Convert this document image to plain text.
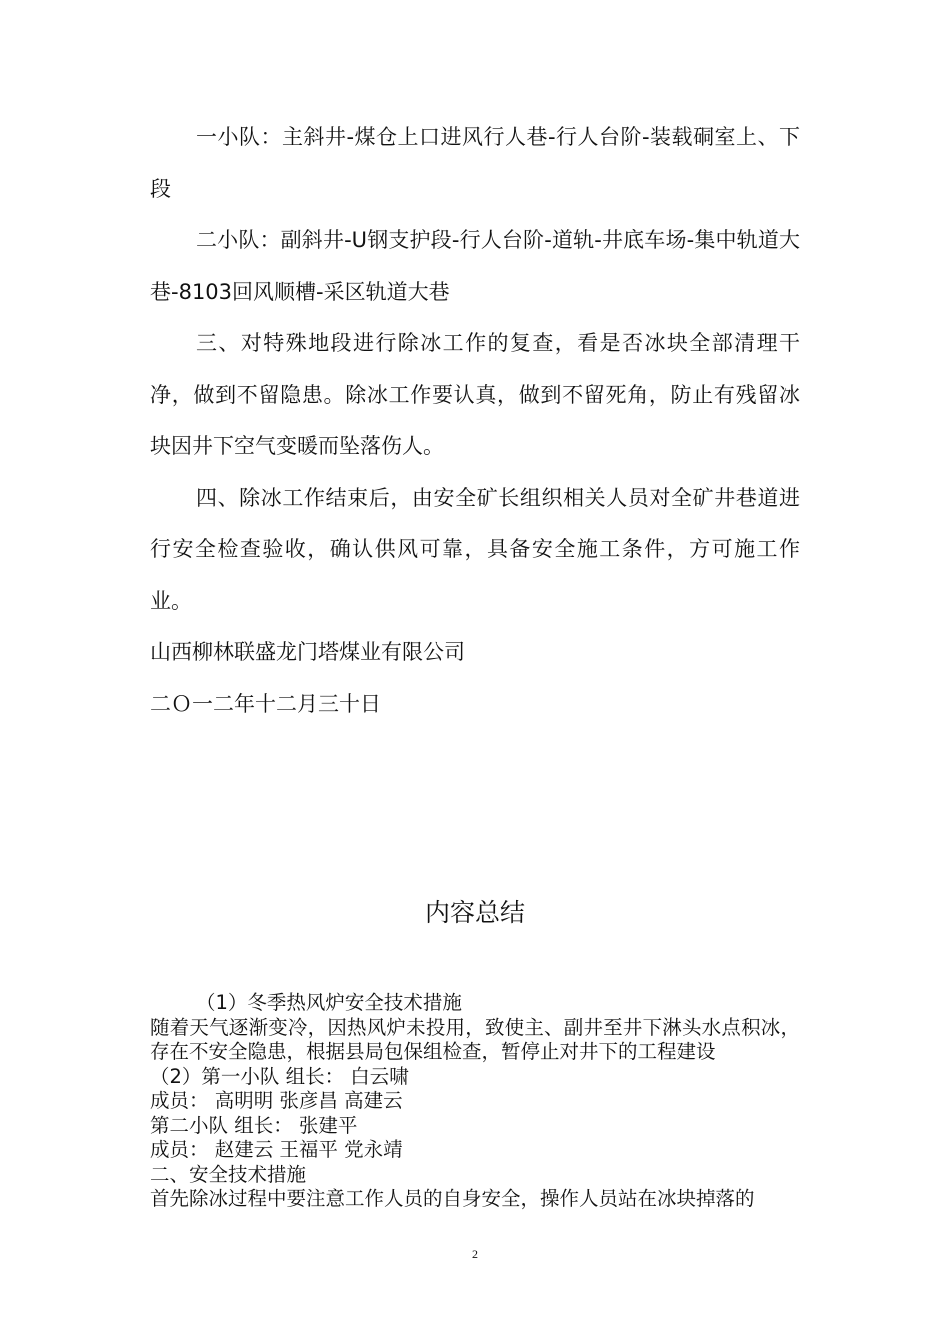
一小队：主斜井-煤仓上口进风行人巷-行人台阶-装载硐室上、下段

二小队：副斜井-U钢支护段-行人台阶-道轨-井底车场-集中轨道大巷-8103回风顺槽-采区轨道大巷

三、对特殊地段进行除冰工作的复查，看是否冰块全部清理干净，做到不留隐患。除冰工作要认真，做到不留死角，防止有残留冰块因井下空气变暖而坠落伤人。

四、除冰工作结束后，由安全矿长组织相关人员对全矿井巷道进行安全检查验收，确认供风可靠，具备安全施工条件，方可施工作业。

山西柳林联盛龙门塔煤业有限公司

二Ｏ一二年十二月三十日

内容总结

（1）冬季热风炉安全技术措施

随着天气逐渐变冷，因热风炉未投用，致使主、副井至井下淋头水点积冰，存在不安全隐患，根据县局包保组检查，暂停止对井下的工程建设

（2）第一小队 组长： 白云啸

成员： 高明明 张彦昌 高建云

第二小队 组长： 张建平

成员： 赵建云 王福平 党永靖

二、安全技术措施

首先除冰过程中要注意工作人员的自身安全，操作人员站在冰块掉落的

2
